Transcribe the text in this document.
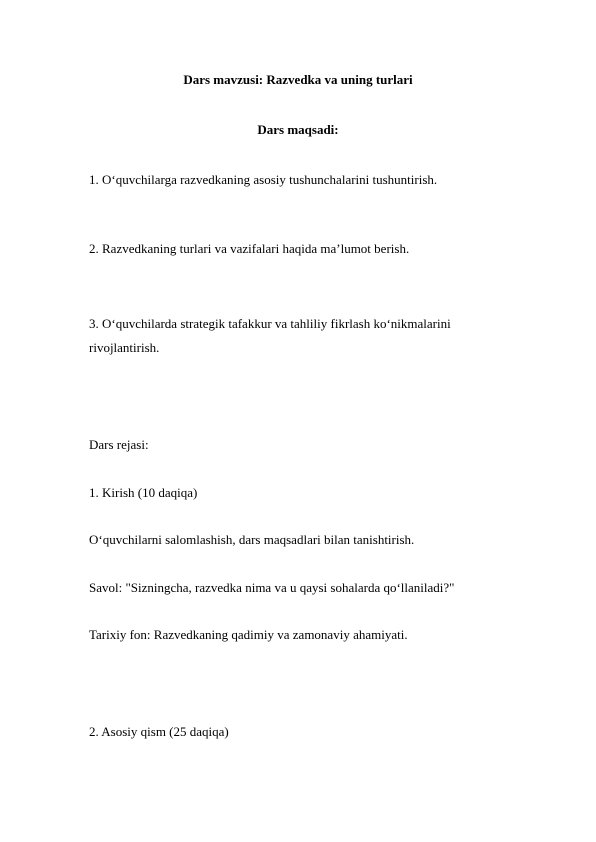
Dars mavzusi: Razvedka va uning turlari
Dars maqsadi:
1. O‘quvchilarga razvedkaning asosiy tushunchalarini tushuntirish.
2. Razvedkaning turlari va vazifalari haqida ma’lumot berish.
3. O‘quvchilarda strategik tafakkur va tahliliy fikrlash ko‘nikmalarini
rivojlantirish.
Dars rejasi:
1. Kirish (10 daqiqa)
O‘quvchilarni salomlashish, dars maqsadlari bilan tanishtirish.
Savol: "Sizningcha, razvedka nima va u qaysi sohalarda qo‘llaniladi?"
Tarixiy fon: Razvedkaning qadimiy va zamonaviy ahamiyati.
2. Asosiy qism (25 daqiqa)
